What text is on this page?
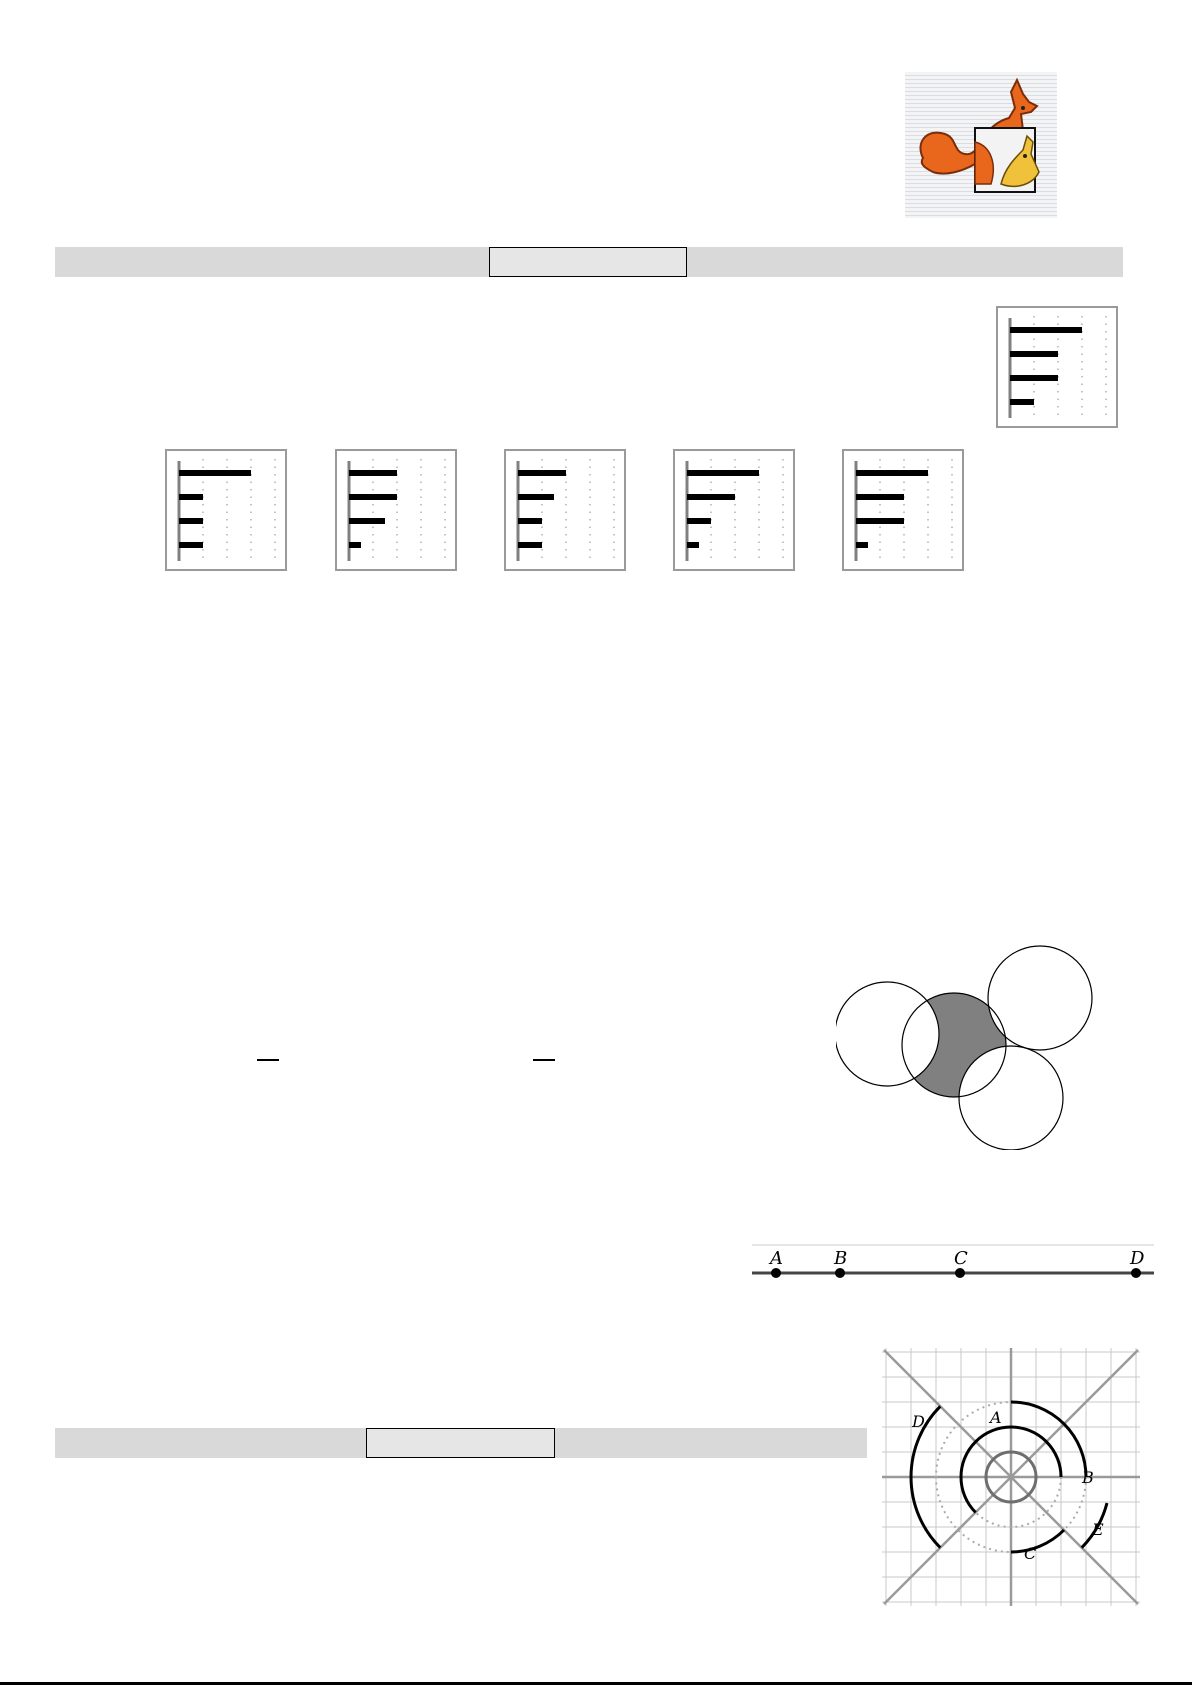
A	B	C	D
A
B
C
D
E
